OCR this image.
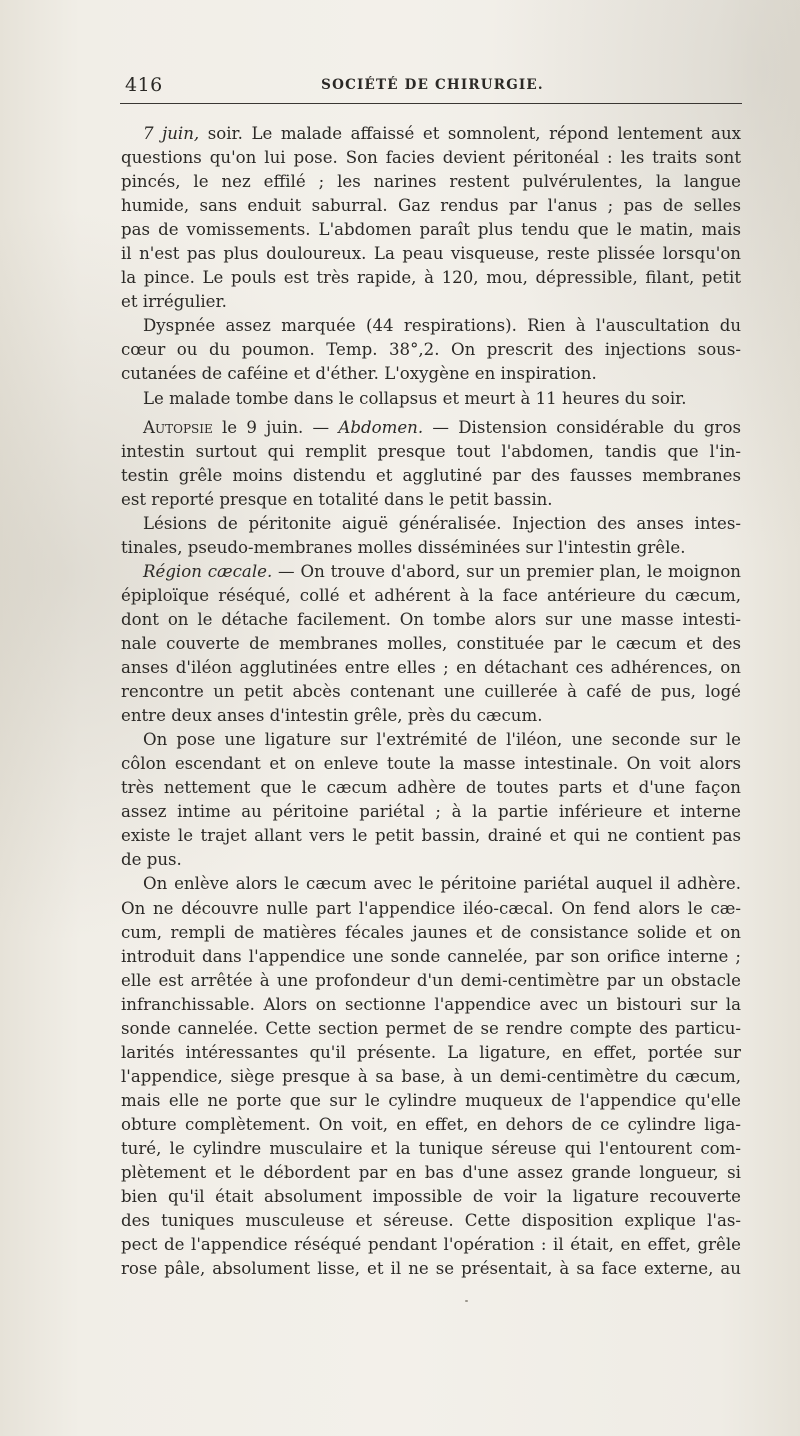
416	SOCIÉTÉ DE CHIRURGIE.
7 juin, soir. Le malade affaissé et somnolent, répond lentement aux
questions qu'on lui pose. Son facies devient péritonéal : les traits sont
pincés, le nez effilé ; les narines restent pulvérulentes, la langue
humide, sans enduit saburral. Gaz rendus par l'anus ; pas de selles
pas de vomissements. L'abdomen paraît plus tendu que le matin, mais
il n'est pas plus douloureux. La peau visqueuse, reste plissée lorsqu'on
la pince. Le pouls est très rapide, à 120, mou, dépressible, filant, petit
et irrégulier.
Dyspnée assez marquée (44 respirations). Rien à l'auscultation du
cœur ou du poumon. Temp. 38°,2. On prescrit des injections sous-
cutanées de caféine et d'éther. L'oxygène en inspiration.
Le malade tombe dans le collapsus et meurt à 11 heures du soir.
Autopsie le 9 juin. — Abdomen. — Distension considérable du gros
intestin surtout qui remplit presque tout l'abdomen, tandis que l'in-
testin grêle moins distendu et agglutiné par des fausses membranes
est reporté presque en totalité dans le petit bassin.
Lésions de péritonite aiguë généralisée. Injection des anses intes-
tinales, pseudo-membranes molles disséminées sur l'intestin grêle.
Région cæcale. — On trouve d'abord, sur un premier plan, le moignon
épiploïque réséqué, collé et adhérent à la face antérieure du cæcum,
dont on le détache facilement. On tombe alors sur une masse intesti-
nale couverte de membranes molles, constituée par le cæcum et des
anses d'iléon agglutinées entre elles ; en détachant ces adhérences, on
rencontre un petit abcès contenant une cuillerée à café de pus, logé
entre deux anses d'intestin grêle, près du cæcum.
On pose une ligature sur l'extrémité de l'iléon, une seconde sur le
côlon escendant et on enleve toute la masse intestinale. On voit alors
très nettement que le cæcum adhère de toutes parts et d'une façon
assez intime au péritoine pariétal ; à la partie inférieure et interne
existe le trajet allant vers le petit bassin, drainé et qui ne contient pas
de pus.
On enlève alors le cæcum avec le péritoine pariétal auquel il adhère.
On ne découvre nulle part l'appendice iléo-cæcal. On fend alors le cæ-
cum, rempli de matières fécales jaunes et de consistance solide et on
introduit dans l'appendice une sonde cannelée, par son orifice interne ;
elle est arrêtée à une profondeur d'un demi-centimètre par un obstacle
infranchissable. Alors on sectionne l'appendice avec un bistouri sur la
sonde cannelée. Cette section permet de se rendre compte des particu-
larités intéressantes qu'il présente. La ligature, en effet, portée sur
l'appendice, siège presque à sa base, à un demi-centimètre du cæcum,
mais elle ne porte que sur le cylindre muqueux de l'appendice qu'elle
obture complètement. On voit, en effet, en dehors de ce cylindre liga-
turé, le cylindre musculaire et la tunique séreuse qui l'entourent com-
plètement et le débordent par en bas d'une assez grande longueur, si
bien qu'il était absolument impossible de voir la ligature recouverte
des tuniques musculeuse et séreuse. Cette disposition explique l'as-
pect de l'appendice réséqué pendant l'opération : il était, en effet, grêle
rose pâle, absolument lisse, et il ne se présentait, à sa face externe, au
